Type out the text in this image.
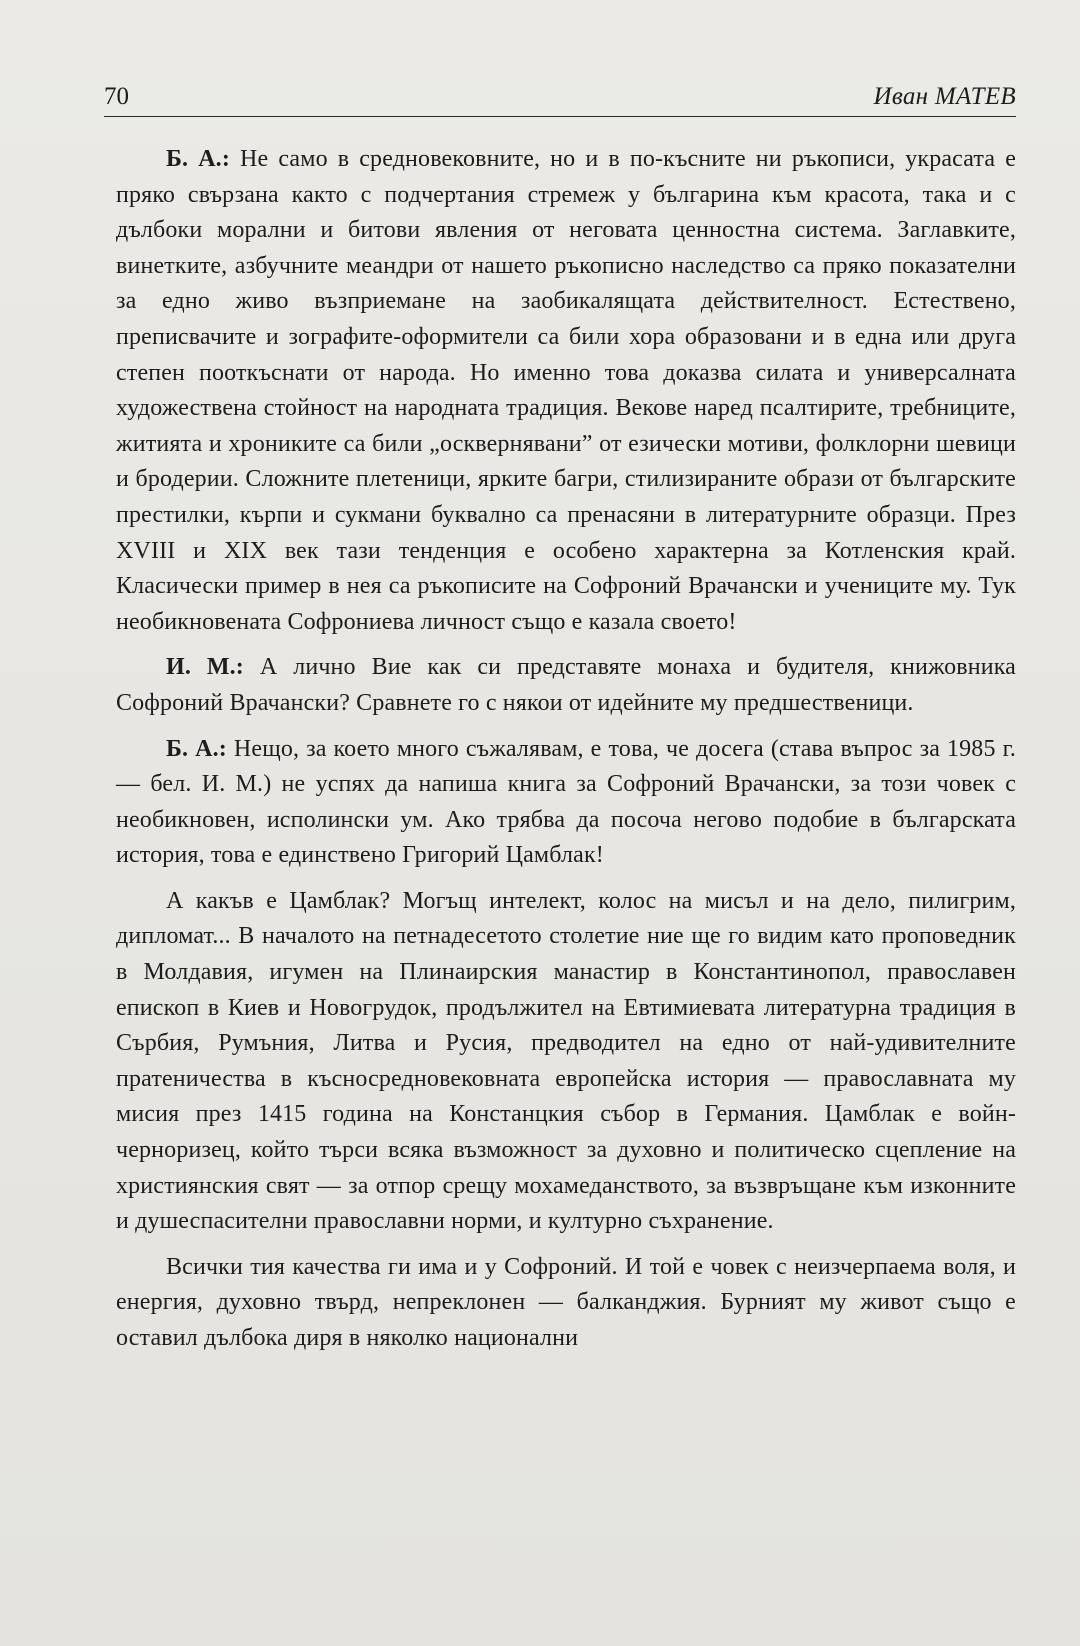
70	Иван МАТЕВ

Б. А.: Не само в средновековните, но и в по-късните ни ръкописи, украсата е пряко свързана както с подчертания стремеж у българина към красота, така и с дълбоки морални и битови явления от неговата ценностна система. Заглавките, винетките, азбучните меандри от нашето ръкописно наследство са пряко показателни за едно живо възприемане на заобикалящата действителност. Естествено, преписвачите и зографите-оформители са били хора образовани и в една или друга степен пооткъснати от народа. Но именно това доказва силата и универсалната художествена стойност на народната традиция. Векове наред псалтирите, требниците, житията и хрониките са били „оскверняваниˮ от езически мотиви, фолклорни шевици и бродерии. Сложните плетеници, ярките багри, стилизираните образи от българските престилки, кърпи и сукмани буквално са пренасяни в литературните образци. През XVIII и XIX век тази тенденция е особено характерна за Котленския край. Класически пример в нея са ръкописите на Софроний Врачански и учениците му. Тук необикновената Софрониева личност също е казала своето!

И. М.: А лично Вие как си представяте монаха и будителя, книжовника Софроний Врачански? Сравнете го с някои от идейните му предшественици.

Б. А.: Нещо, за което много съжалявам, е това, че досега (става въпрос за 1985 г. — бел. И. М.) не успях да напиша книга за Софроний Врачански, за този човек с необикновен, исполински ум. Ако трябва да посоча негово подобие в българската история, това е единствено Григорий Цамблак!

А какъв е Цамблак? Могъщ интелект, колос на мисъл и на дело, пилигрим, дипломат... В началото на петнадесетото столетие ние ще го видим като проповедник в Молдавия, игумен на Плинаирския манастир в Константинопол, православен епископ в Киев и Новогрудок, продължител на Евтимиевата литературна традиция в Сърбия, Румъния, Литва и Русия, предводител на едно от най-удивителните пратеничества в късносредновековната европейска история — православната му мисия през 1415 година на Констанцкия събор в Германия. Цамблак е войн-черноризец, който търси всяка възможност за духовно и политическо сцепление на християнския свят — за отпор срещу мохамеданството, за възвръщане към изконните и душеспасителни православни норми, и културно съхранение.

Всички тия качества ги има и у Софроний. И той е човек с неизчерпаема воля, и енергия, духовно твърд, непреклонен — балканджия. Бурният му живот също е оставил дълбока диря в няколко национални
